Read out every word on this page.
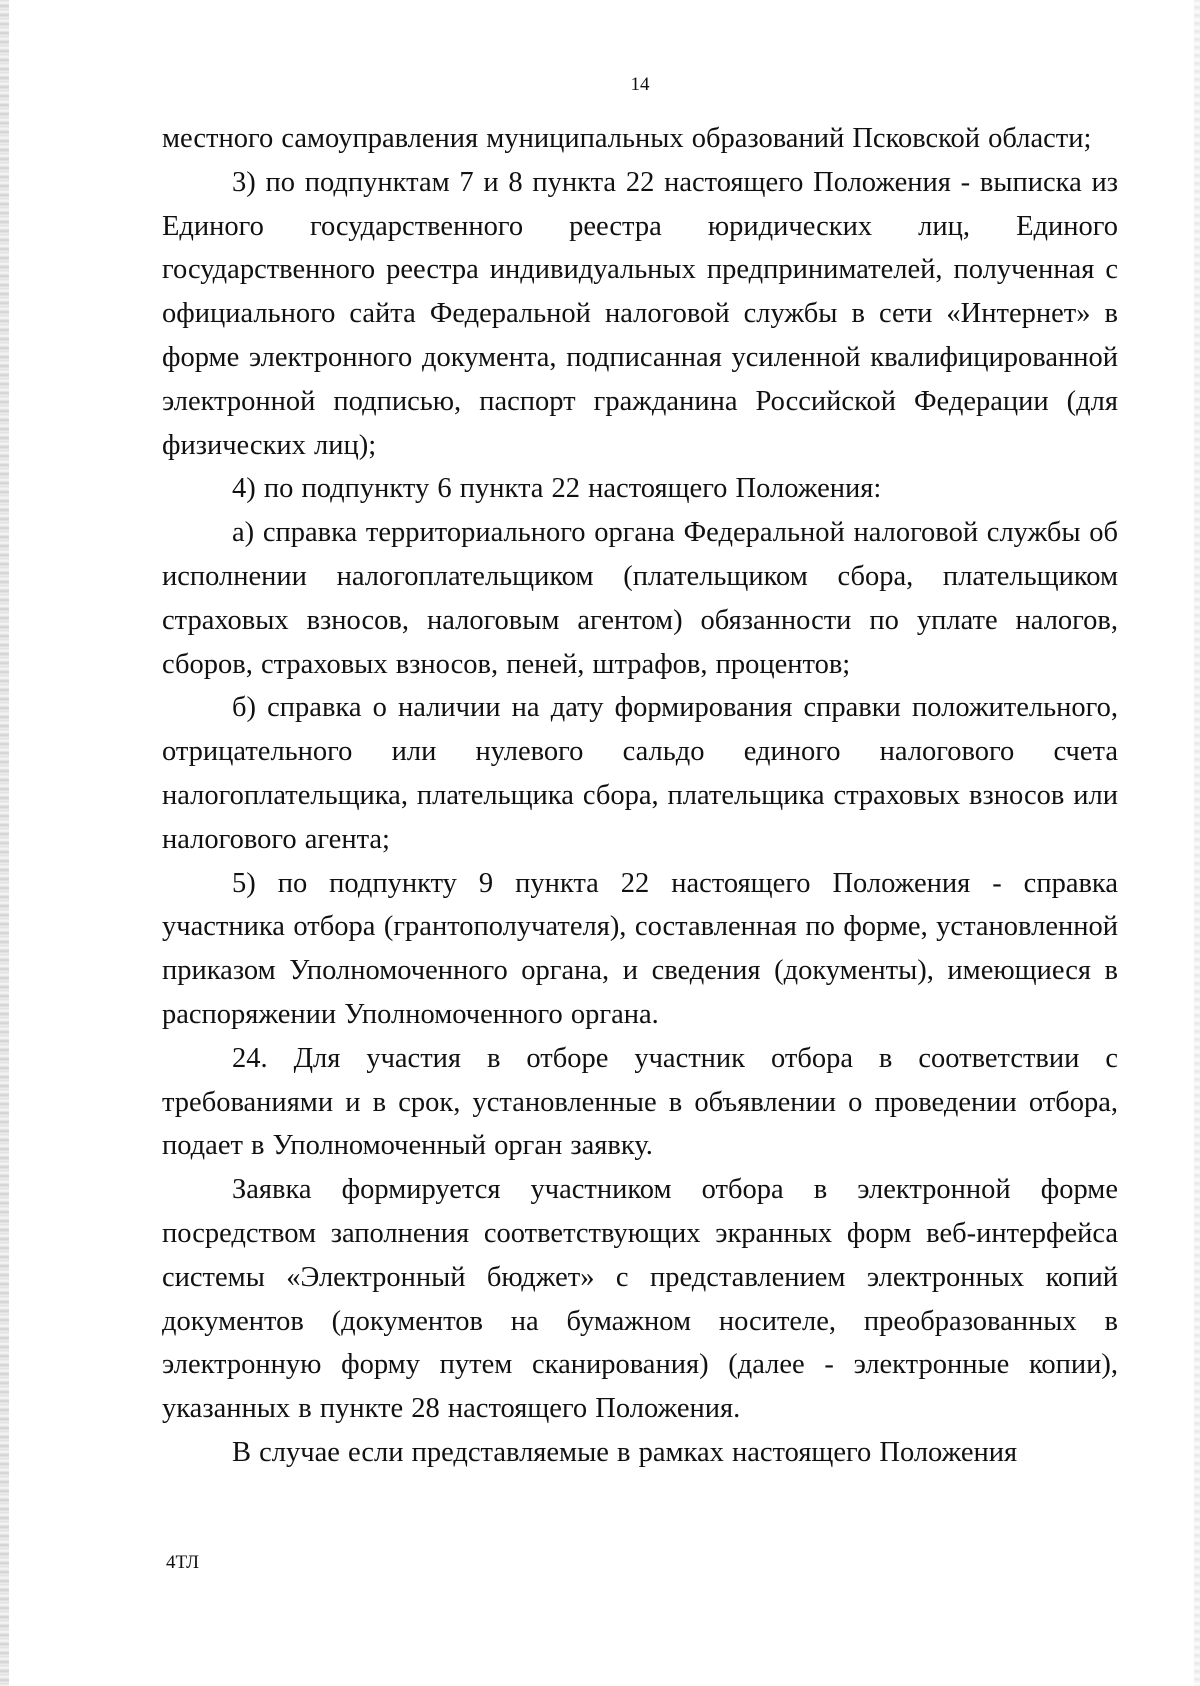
14

местного самоуправления муниципальных образований Псковской области;

3) по подпунктам 7 и 8 пункта 22 настоящего Положения - выписка из Единого государственного реестра юридических лиц, Единого государственного реестра индивидуальных предпринимателей, полученная с официального сайта Федеральной налоговой службы в сети «Интернет» в форме электронного документа, подписанная усиленной квалифицированной электронной подписью, паспорт гражданина Российской Федерации (для физических лиц);

4) по подпункту 6 пункта 22 настоящего Положения:

а) справка территориального органа Федеральной налоговой службы об исполнении налогоплательщиком (плательщиком сбора, плательщиком страховых взносов, налоговым агентом) обязанности по уплате налогов, сборов, страховых взносов, пеней, штрафов, процентов;

б) справка о наличии на дату формирования справки положительного, отрицательного или нулевого сальдо единого налогового счета налогоплательщика, плательщика сбора, плательщика страховых взносов или налогового агента;

5) по подпункту 9 пункта 22 настоящего Положения - справка участника отбора (грантополучателя), составленная по форме, установленной приказом Уполномоченного органа, и сведения (документы), имеющиеся в распоряжении Уполномоченного органа.

24. Для участия в отборе участник отбора в соответствии с требованиями и в срок, установленные в объявлении о проведении отбора, подает в Уполномоченный орган заявку.

Заявка формируется участником отбора в электронной форме посредством заполнения соответствующих экранных форм веб-интерфейса системы «Электронный бюджет» с представлением электронных копий документов (документов на бумажном носителе, преобразованных в электронную форму путем сканирования) (далее - электронные копии), указанных в пункте 28 настоящего Положения.

В случае если представляемые в рамках настоящего Положения

4ТЛ
